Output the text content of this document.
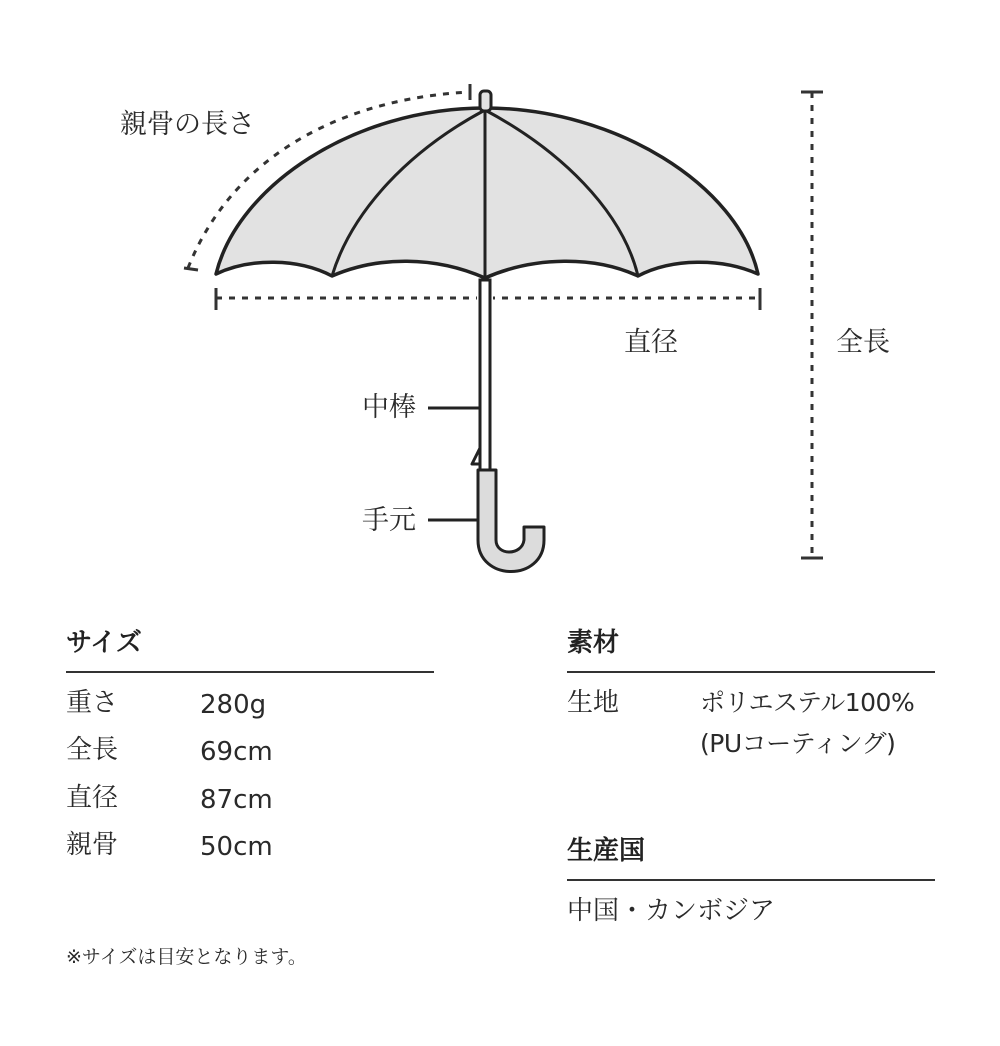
親骨の長さ
直径	全長
中棒
手元
サイズ
重さ	280g
全長	69cm
直径	87cm
親骨	50cm
素材
生地	ポリエステル100%
(PUコーティング)
生産国
中国・カンボジア
※サイズは目安となります。
